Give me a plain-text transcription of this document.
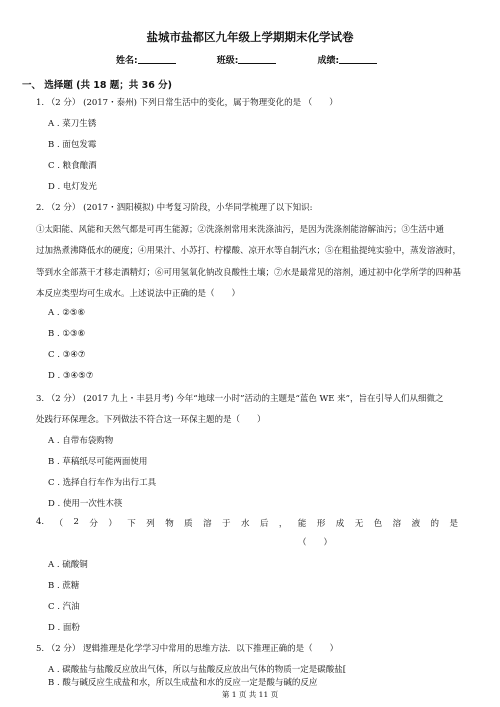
盐城市盐都区九年级上学期期末化学试卷
姓名:	班级:	成绩:
一、 选择题 (共 18 题；共 36 分)
1. （2 分） (2017・泰州) 下列日常生活中的变化，属于物理变化的是 （　　）
A . 菜刀生锈
B . 面包发霉
C . 粮食酿酒
D . 电灯发光
2. （2 分） (2017・泗阳模拟) 中考复习阶段，小华同学梳理了以下知识:
①太阳能、风能和天然气都是可再生能源；②洗涤剂常用来洗涤油污，是因为洗涤剂能溶解油污；③生活中通
过加热煮沸降低水的硬度；④用果汁、小苏打、柠檬酸、凉开水等自制汽水；⑤在粗盐提纯实验中，蒸发溶液时，
等到水全部蒸干才移走酒精灯；⑥可用氢氧化钠改良酸性土壤；⑦水是最常见的溶剂，通过初中化学所学的四种基
本反应类型均可生成水。上述说法中正确的是（　　）
A . ②⑤⑥
B . ①③⑥
C . ③④⑦
D . ③④⑤⑦
3. （2 分） (2017 九上・丰县月考) 今年“地球一小时”活动的主题是“蓝色 WE 来”，旨在引导人们从细微之
处践行环保理念。下列做法不符合这一环保主题的是（　　）
A . 自带布袋购物
B . 草稿纸尽可能两面使用
C . 选择自行车作为出行工具
D . 使用一次性木筷
4. （ 2 分 ） 下 列 物 质 溶 于 水 后 ， 能 形 成 无 色 溶 液 的 是
（　　）
A . 硫酸铜
B . 蔗糖
C . 汽油
D . 面粉
5. （2 分） 逻辑推理是化学学习中常用的思维方法．以下推理正确的是（　　）
A . 碳酸盐与盐酸反应放出气体，所以与盐酸反应放出气体的物质一定是碳酸盐[
B . 酸与碱反应生成盐和水，所以生成盐和水的反应一定是酸与碱的反应
第 1 页 共 11 页
